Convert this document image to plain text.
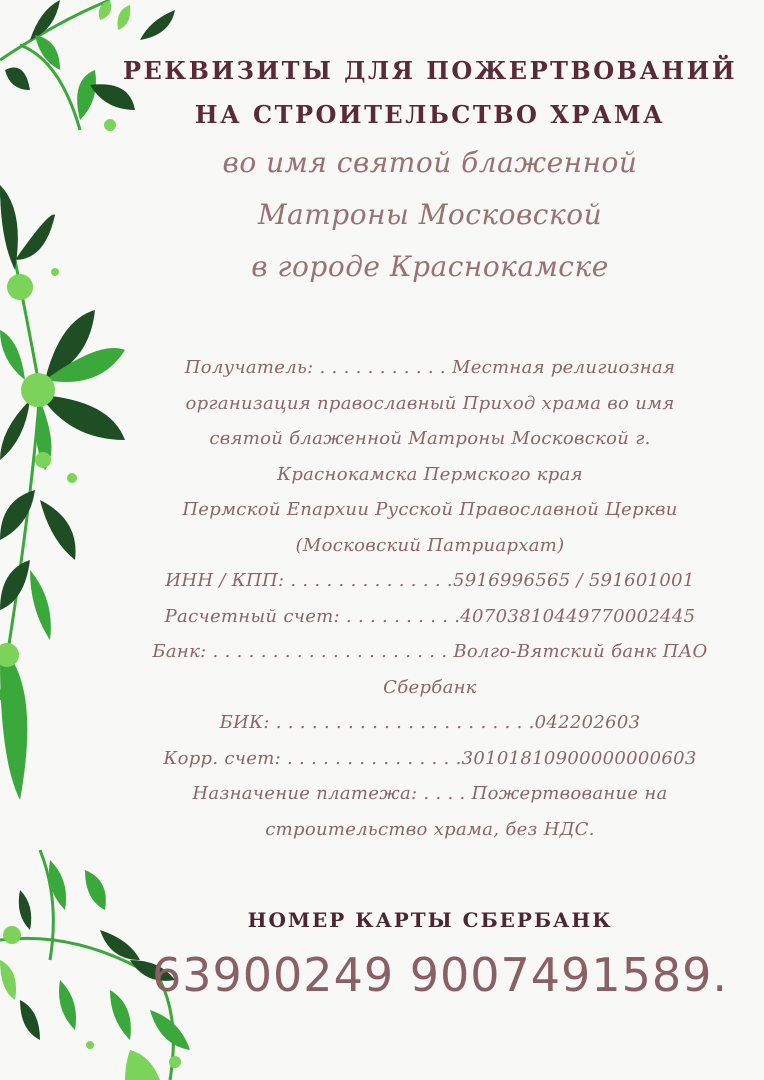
РЕКВИЗИТЫ ДЛЯ ПОЖЕРТВОВАНИЙ
НА СТРОИТЕЛЬСТВО ХРАМА
во имя святой блаженной
Матроны Московской
в городе Краснокамске

Получатель: . . . . . . . . . . . Местная религиозная

организация православный Приход храма во имя

святой блаженной Матроны Московской г.

Краснокамска Пермского края

Пермской Епархии Русской Православной Церкви

(Московский Патриархат)

ИНН / КПП: . . . . . . . . . . . . . .5916996565 / 591601001

Расчетный счет: . . . . . . . . . .40703810449770002445

Банк: . . . . . . . . . . . . . . . . . . . . Волго-Вятский банк ПАО

Сбербанк

БИК: . . . . . . . . . . . . . . . . . . . . . .042202603

Корр. счет: . . . . . . . . . . . . . . .30101810900000000603

Назначение платежа: . . . . Пожертвование на

строительство храма, без НДС.

НОМЕР КАРТЫ СБЕРБАНК
63900249 9007491589.
